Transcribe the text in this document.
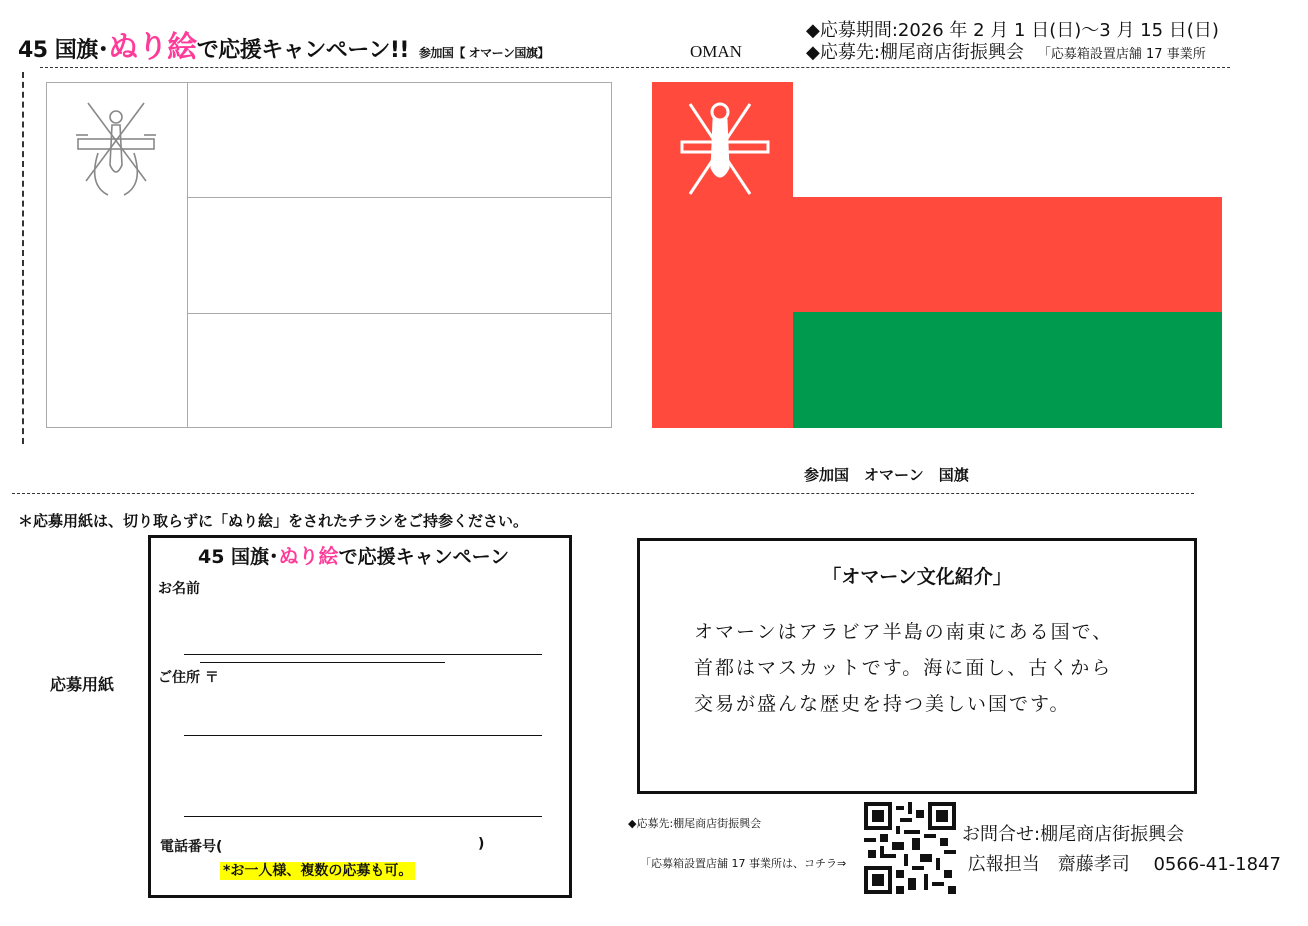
45 国旗･ぬり絵で応援キャンペーン!! 参加国【 オマーン国旗】
◆応募期間:2026 年 2 月 1 日(日)～3 月 15 日(日)
◆応募先:棚尾商店街振興会 「応募箱設置店舗 17 事業所
OMAN
参加国　オマーン　国旗
＊応募用紙は、切り取らずに「ぬり絵」をされたチラシをご持参ください。
応募用紙
45 国旗･ぬり絵で応援キャンペーン
お名前
ご住所 〒
電話番号(	)
*お一人様、複数の応募も可。
「オマーン文化紹介」
オマーンはアラビア半島の南東にある国で、
首都はマスカットです。海に面し、古くから
交易が盛んな歴史を持つ美しい国です。
◆応募先:棚尾商店街振興会
「応募箱設置店舗 17 事業所は、コチラ⇒
お問合せ:棚尾商店街振興会
広報担当　齋藤孝司　 0566-41-1847
